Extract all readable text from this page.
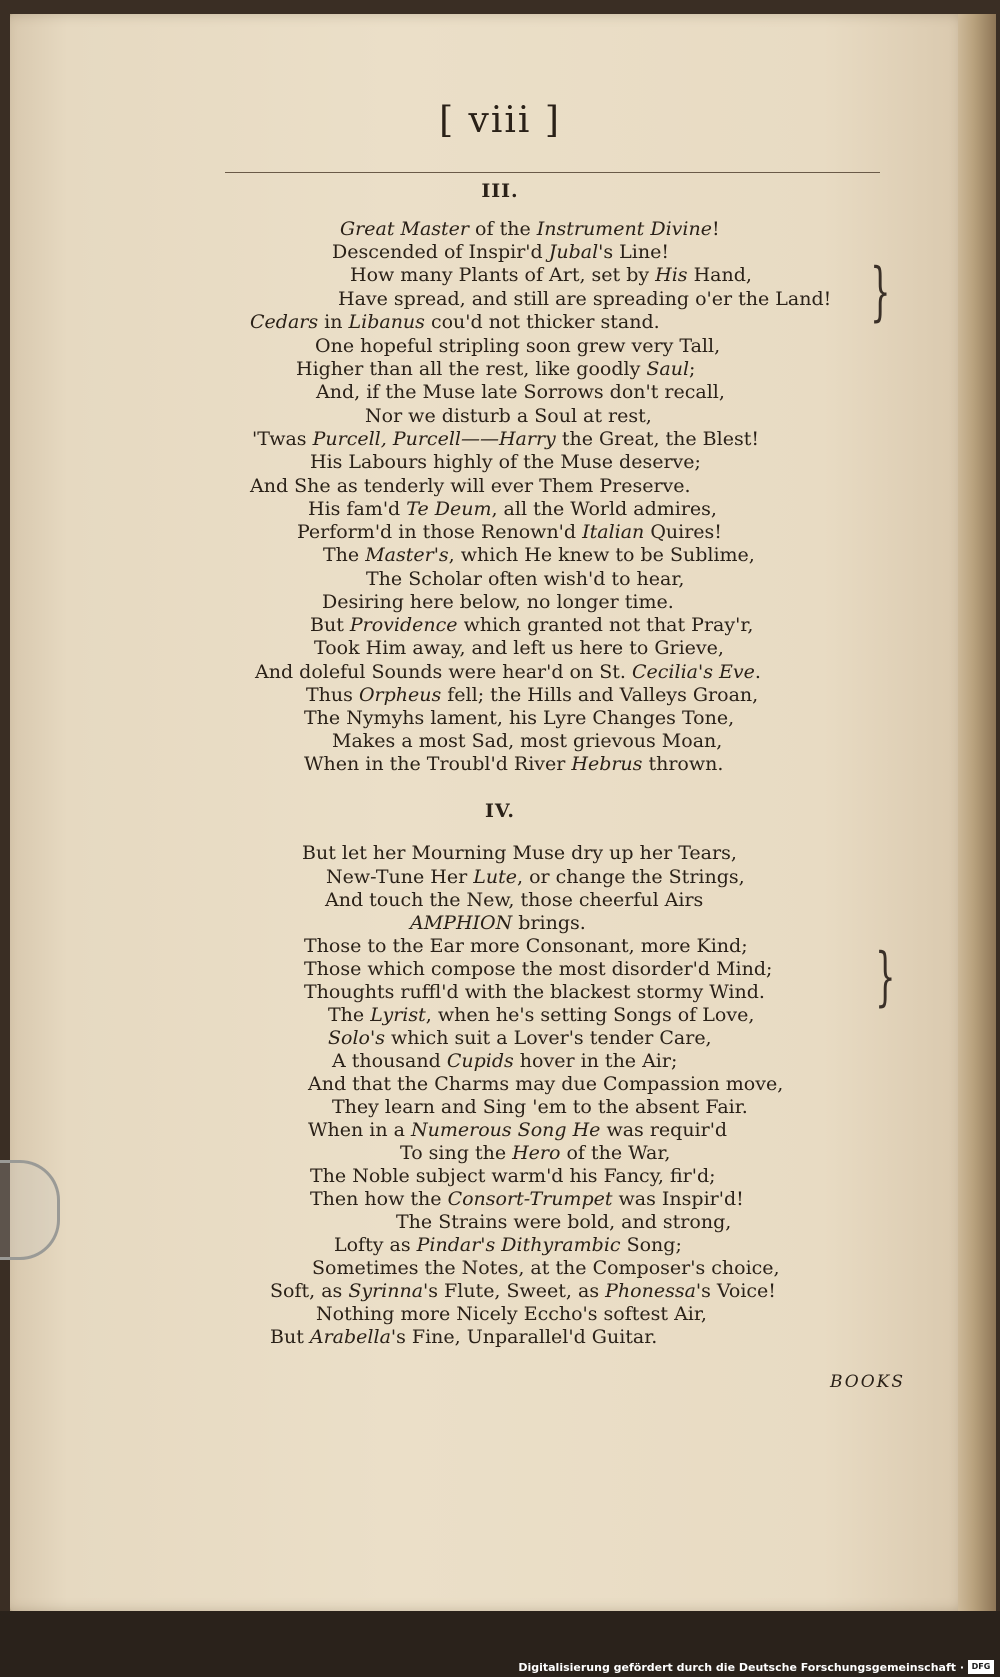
[ viii ]
III.
Great Master of the Instrument Divine!
Descended of Inspir'd Jubal's Line!
How many Plants of Art, set by His Hand,
Have spread, and still are spreading o'er the Land!
Cedars in Libanus cou'd not thicker stand.
One hopeful stripling soon grew very Tall,
Higher than all the rest, like goodly Saul;
And, if the Muse late Sorrows don't recall,
Nor we disturb a Soul at rest,
'Twas Purcell, Purcell——Harry the Great, the Blest!
His Labours highly of the Muse deserve;
And She as tenderly will ever Them Preserve.
His fam'd Te Deum, all the World admires,
Perform'd in those Renown'd Italian Quires!
The Master's, which He knew to be Sublime,
The Scholar often wish'd to hear,
Desiring here below, no longer time.
But Providence which granted not that Pray'r,
Took Him away, and left us here to Grieve,
And doleful Sounds were hear'd on St. Cecilia's Eve.
Thus Orpheus fell; the Hills and Valleys Groan,
The Nymyhs lament, his Lyre Changes Tone,
Makes a most Sad, most grievous Moan,
When in the Troubl'd River Hebrus thrown.
}
IV.
But let her Mourning Muse dry up her Tears,
New-Tune Her Lute, or change the Strings,
And touch the New, those cheerful Airs
AMPHION brings.
Those to the Ear more Consonant, more Kind;
Those which compose the most disorder'd Mind;
Thoughts ruffl'd with the blackest stormy Wind.
The Lyrist, when he's setting Songs of Love,
Solo's which suit a Lover's tender Care,
A thousand Cupids hover in the Air;
And that the Charms may due Compassion move,
They learn and Sing 'em to the absent Fair.
When in a Numerous Song He was requir'd
To sing the Hero of the War,
The Noble subject warm'd his Fancy, fir'd;
Then how the Consort-Trumpet was Inspir'd!
The Strains were bold, and strong,
Lofty as Pindar's Dithyrambic Song;
Sometimes the Notes, at the Composer's choice,
Soft, as Syrinna's Flute, Sweet, as Phonessa's Voice!
Nothing more Nicely Eccho's softest Air,
But Arabella's Fine, Unparallel'd Guitar.
}
BOOKS
Digitalisierung gefördert durch die Deutsche Forschungsgemeinschaft · DFG
